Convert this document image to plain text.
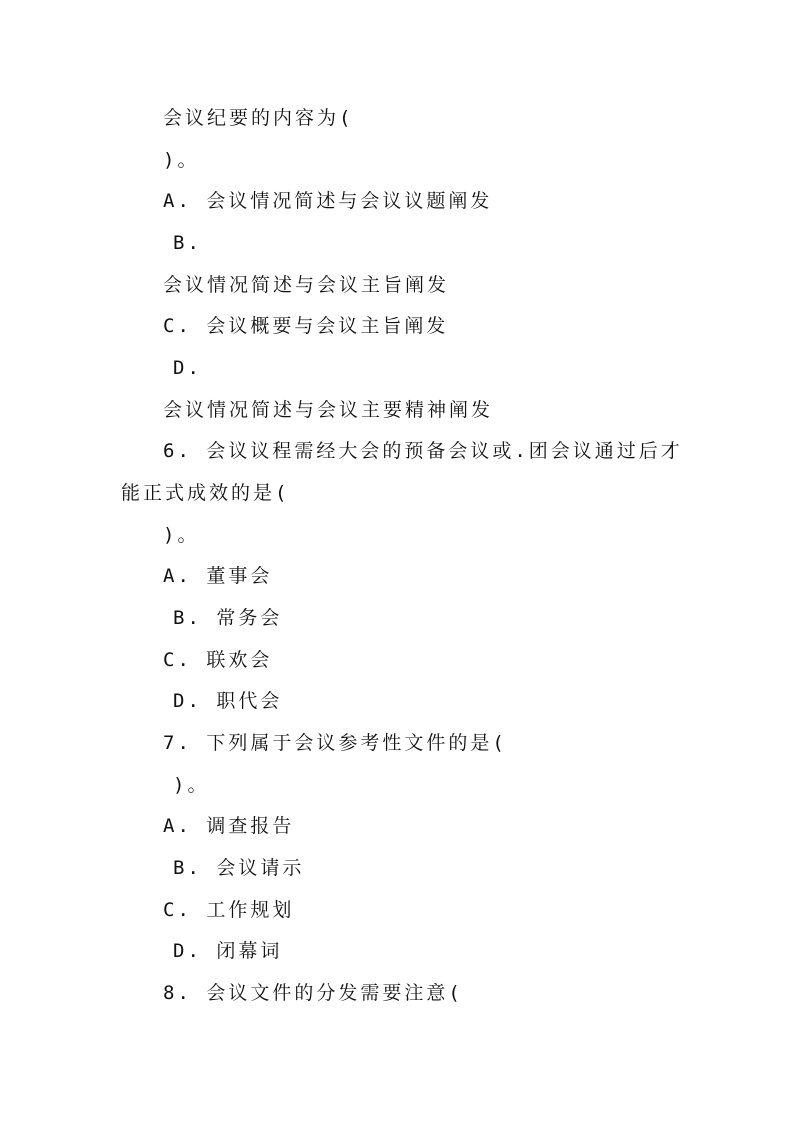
会议纪要的内容为(
)。
A. 会议情况简述与会议议题阐发
B.
会议情况简述与会议主旨阐发
C. 会议概要与会议主旨阐发
D.
会议情况简述与会议主要精神阐发
6. 会议议程需经大会的预备会议或.团会议通过后才
能正式成效的是(
)。
A. 董事会
B. 常务会
C. 联欢会
D. 职代会
7. 下列属于会议参考性文件的是(
)。
A. 调查报告
B. 会议请示
C. 工作规划
D. 闭幕词
8. 会议文件的分发需要注意(
